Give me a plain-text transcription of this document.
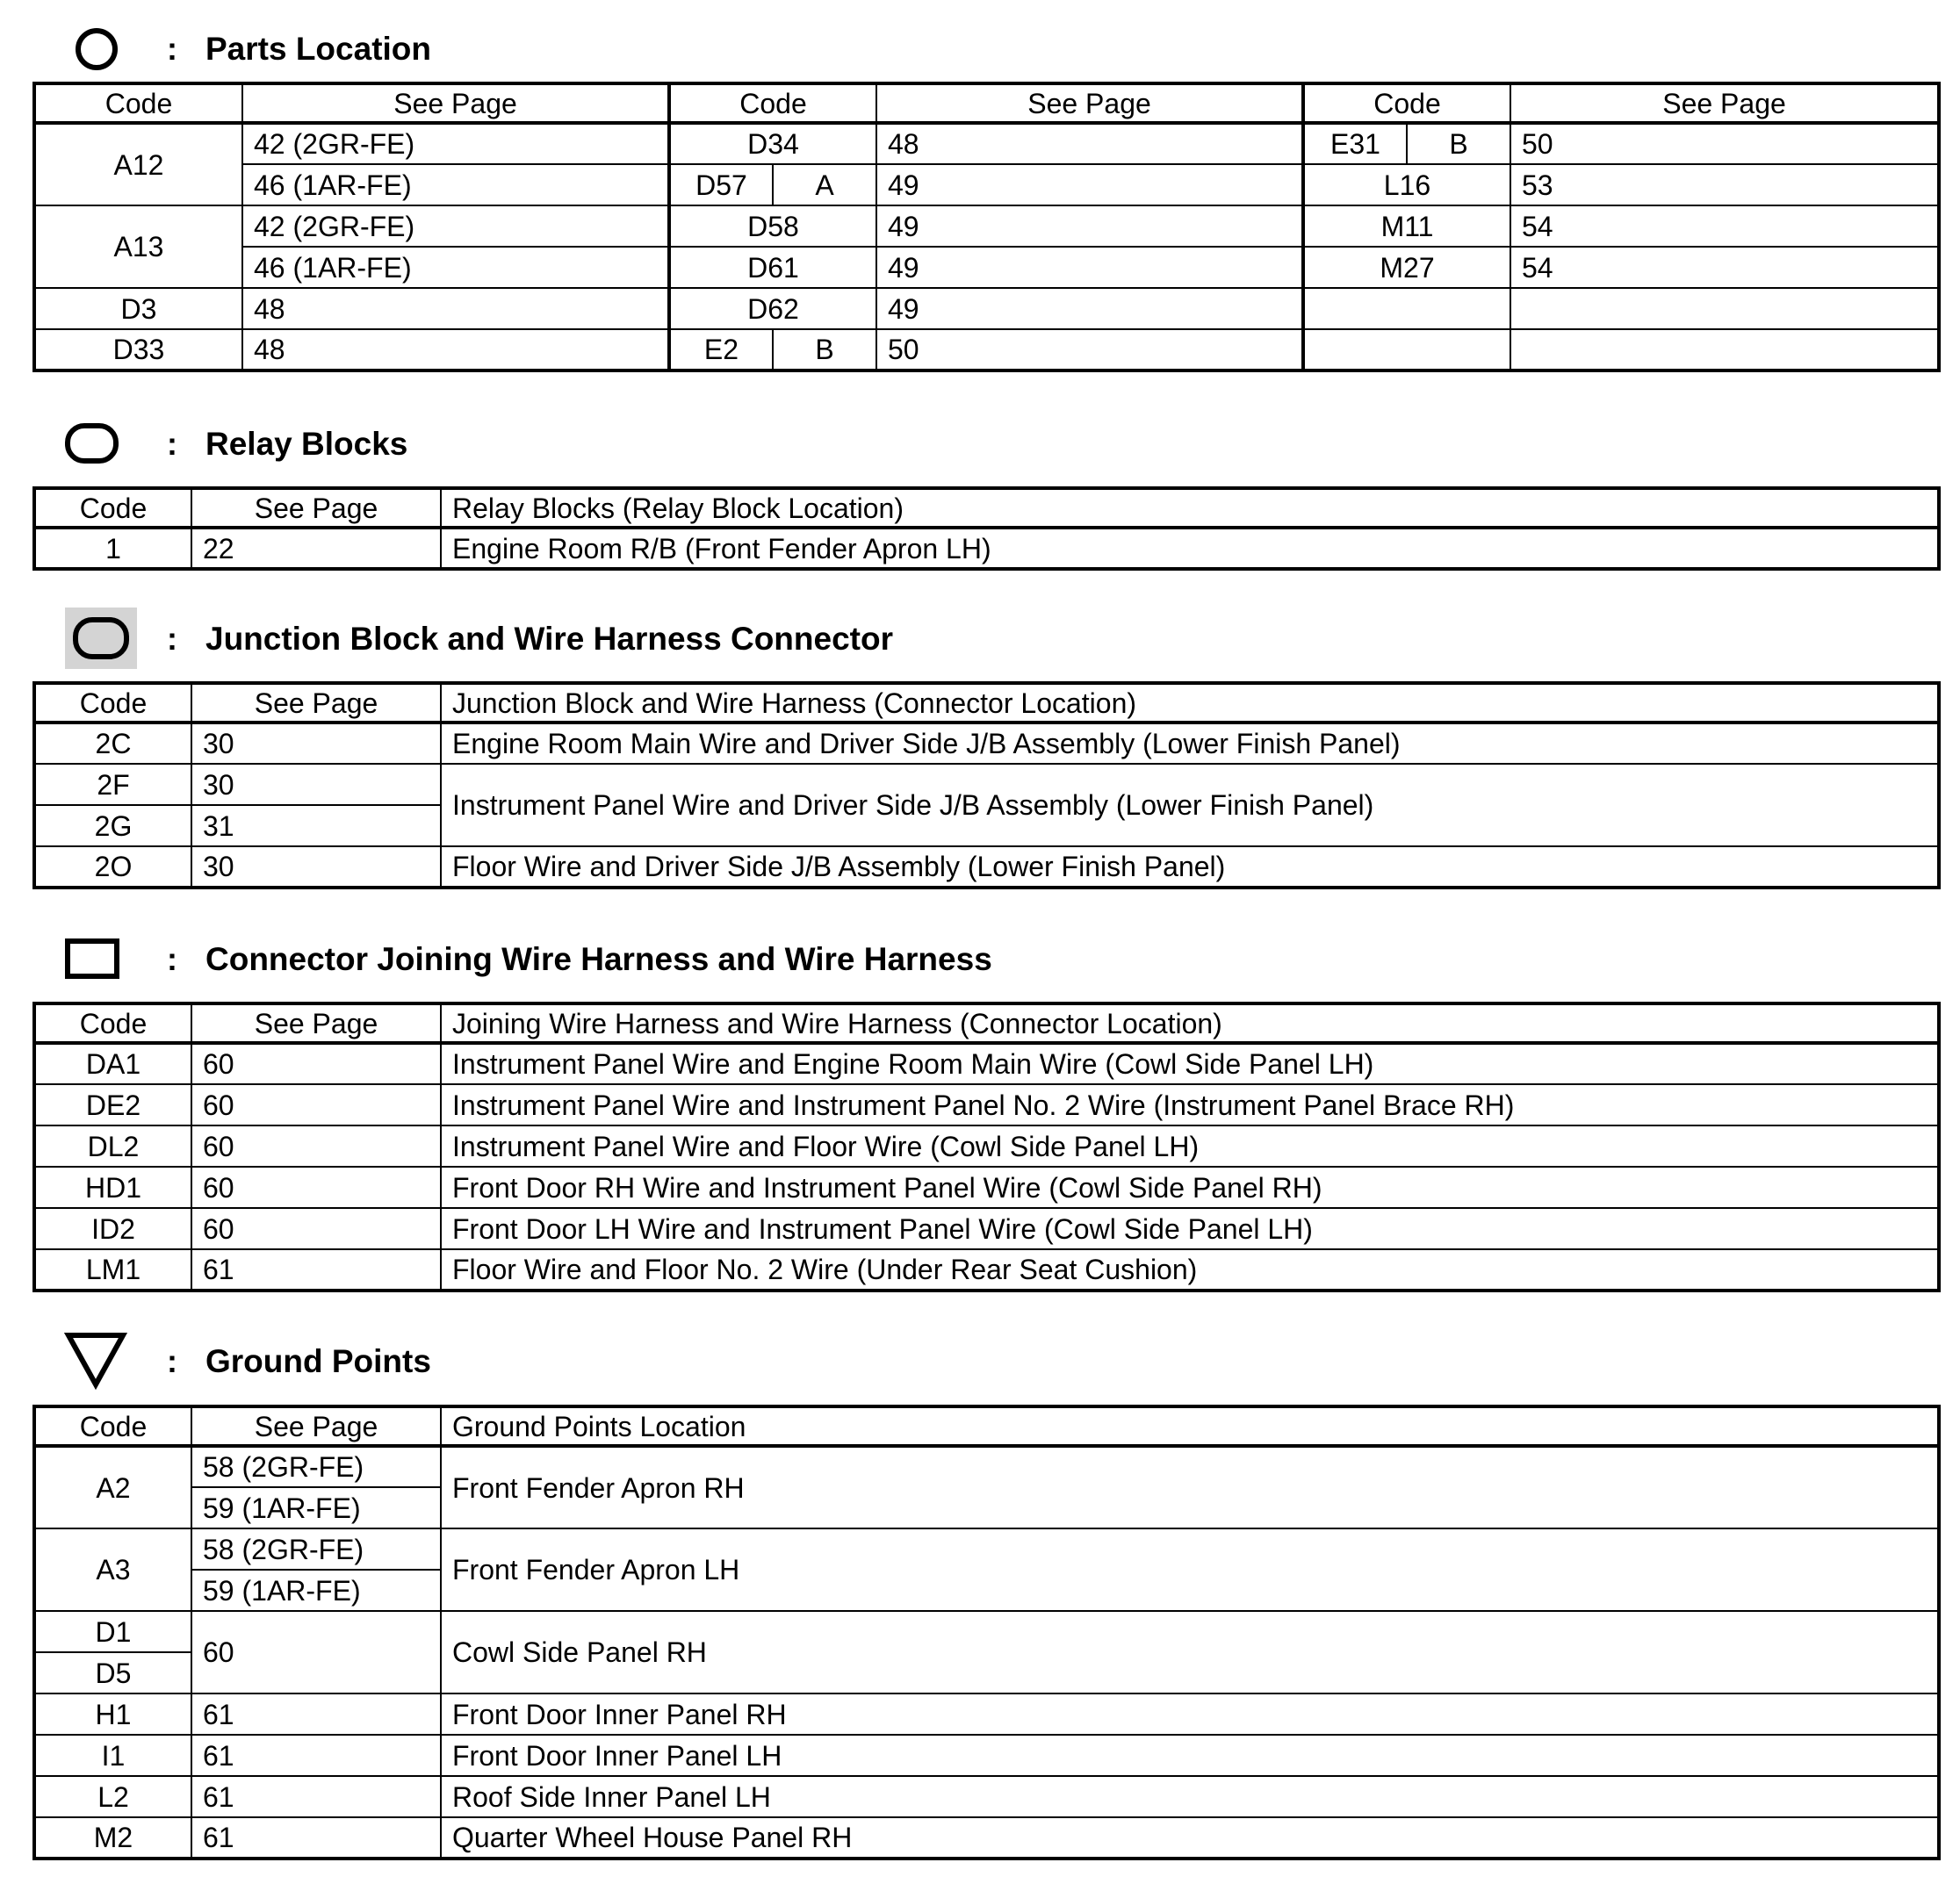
: Parts Location
Code	See Page	Code		See Page	Code		See Page
A12	42 (2GR-FE)	D34		48	E31	B	50
	46 (1AR-FE)	D57	A	49	L16		53
A13	42 (2GR-FE)	D58		49	M11		54
	46 (1AR-FE)	D61		49	M27		54
D3	48	D62		49			
D33	48	E2	B	50			
: Relay Blocks
Code	See Page	Relay Blocks (Relay Block Location)
1	22	Engine Room R/B (Front Fender Apron LH)
: Junction Block and Wire Harness Connector
Code	See Page	Junction Block and Wire Harness (Connector Location)
2C	30	Engine Room Main Wire and Driver Side J/B Assembly (Lower Finish Panel)
2F	30	Instrument Panel Wire and Driver Side J/B Assembly (Lower Finish Panel)
2G	31	
2O	30	Floor Wire and Driver Side J/B Assembly (Lower Finish Panel)
: Connector Joining Wire Harness and Wire Harness
Code	See Page	Joining Wire Harness and Wire Harness (Connector Location)
DA1	60	Instrument Panel Wire and Engine Room Main Wire (Cowl Side Panel LH)
DE2	60	Instrument Panel Wire and Instrument Panel No. 2 Wire (Instrument Panel Brace RH)
DL2	60	Instrument Panel Wire and Floor Wire (Cowl Side Panel LH)
HD1	60	Front Door RH Wire and Instrument Panel Wire (Cowl Side Panel RH)
ID2	60	Front Door LH Wire and Instrument Panel Wire (Cowl Side Panel LH)
LM1	61	Floor Wire and Floor No. 2 Wire (Under Rear Seat Cushion)
: Ground Points
Code	See Page	Ground Points Location
A2	58 (2GR-FE)	Front Fender Apron RH
	59 (1AR-FE)	
A3	58 (2GR-FE)	Front Fender Apron LH
	59 (1AR-FE)	
D1	60	Cowl Side Panel RH
D5		
H1	61	Front Door Inner Panel RH
I1	61	Front Door Inner Panel LH
L2	61	Roof Side Inner Panel LH
M2	61	Quarter Wheel House Panel RH
